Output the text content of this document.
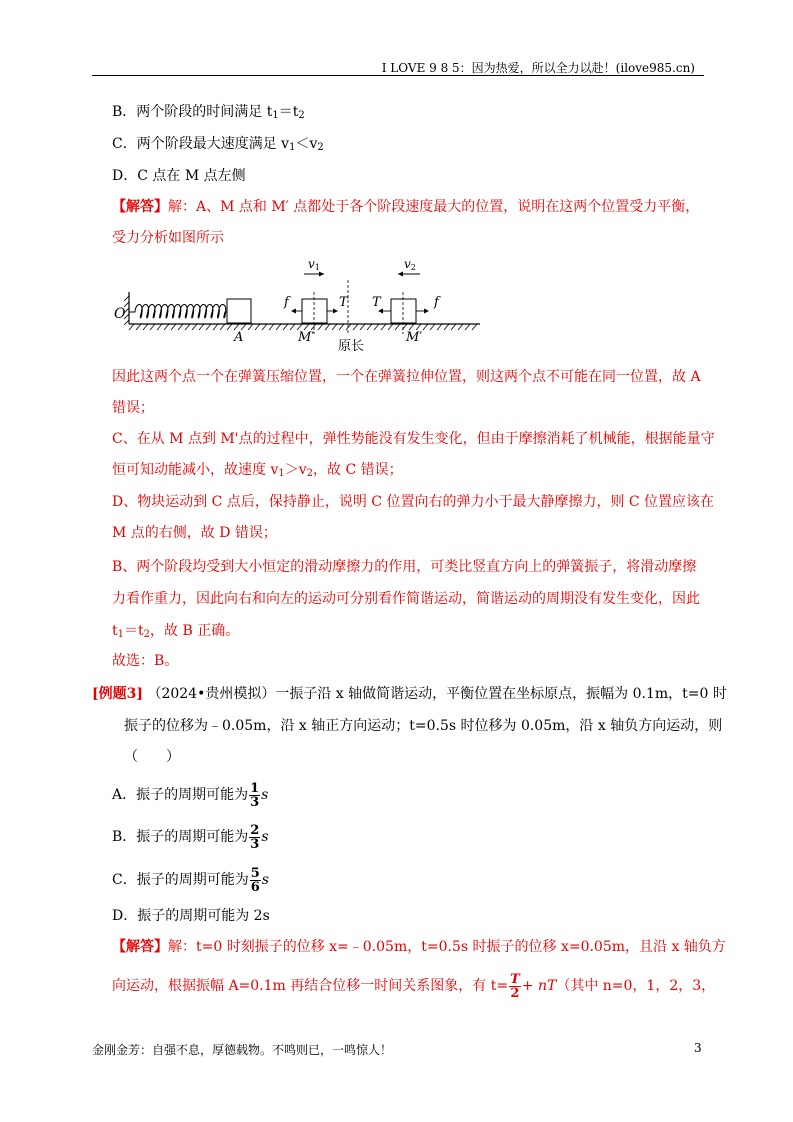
I LOVE 9 8 5：因为热爱，所以全力以赴！(ilove985.cn)
B．两个阶段的时间满足 $t_1=t_2$
C．两个阶段最大速度满足 $v_1<v_2$
D．C 点在 M 点左侧
【解答】解：A、M 点和 M′ 点都处于各个阶段速度最大的位置，说明在这两个位置受力平衡，
受力分析如图所示
O
A	M′	M′
原长
v1	v2
f	T T	f
因此这两个点一个在弹簧压缩位置，一个在弹簧拉伸位置，则这两个点不可能在同一位置，故 A
错误；
C、在从 M 点到 M'点的过程中，弹性势能没有发生变化，但由于摩擦消耗了机械能，根据能量守
恒可知动能减小，故速度 $v_1>v_2$，故 C 错误；
D、物块运动到 C 点后，保持静止，说明 C 位置向右的弹力小于最大静摩擦力，则 C 位置应该在
M 点的右侧，故 D 错误；
B、两个阶段均受到大小恒定的滑动摩擦力的作用，可类比竖直方向上的弹簧振子，将滑动摩擦
力看作重力，因此向右和向左的运动可分别看作简谐运动，简谐运动的周期没有发生变化，因此
$t_1=t_2$，故 B 正确。
故选：B。
[例题3] （2024•贵州模拟）一振子沿 x 轴做简谐运动，平衡位置在坐标原点，振幅为 0.1m，t=0 时
振子的位移为﹣0.05m，沿 x 轴正方向运动；t=0.5s 时位移为 0.05m，沿 x 轴负方向运动，则
（　　）
A．振子的周期可能为 $\frac{1}{3}$ s
B．振子的周期可能为 $\frac{2}{3}$ s
C．振子的周期可能为 $\frac{5}{6}$ s
D．振子的周期可能为 2s
【解答】解：t=0 时刻振子的位移 x=﹣0.05m，t=0.5s 时振子的位移 x=0.05m，且沿 x 轴负方
向运动，根据振幅 A=0.1m 再结合位移一时间关系图象，有 $t= \frac{T}{2} + nT$（其中 n=0，1，2，3，
金刚金芳：自强不息，厚德载物。不鸣则已，一鸣惊人！	3
